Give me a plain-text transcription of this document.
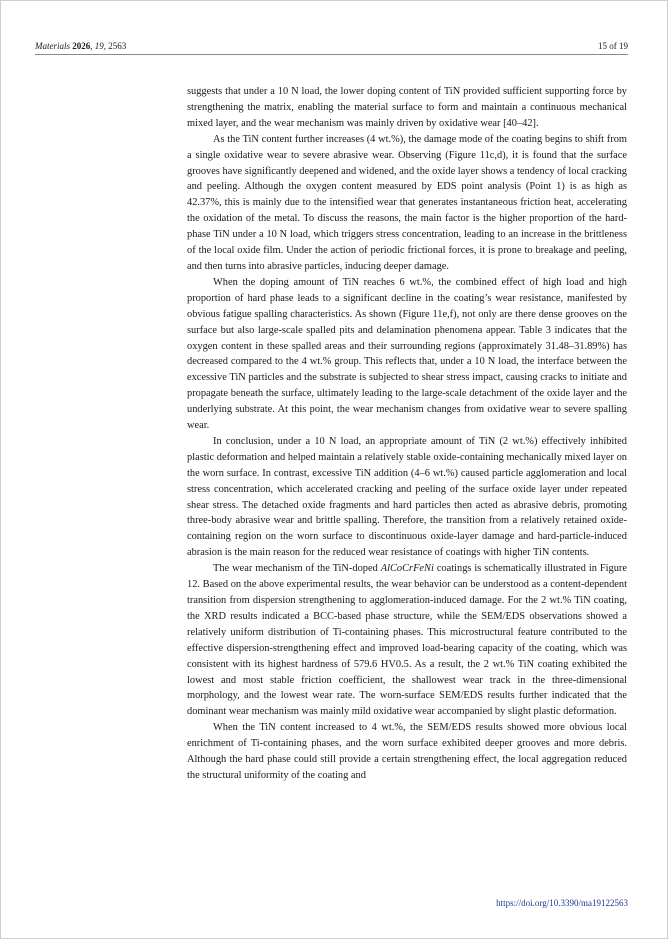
Materials 2026, 19, 2563	15 of 19

suggests that under a 10 N load, the lower doping content of TiN provided sufficient supporting force by strengthening the matrix, enabling the material surface to form and maintain a continuous mechanical mixed layer, and the wear mechanism was mainly driven by oxidative wear [40–42].

As the TiN content further increases (4 wt.%), the damage mode of the coating begins to shift from a single oxidative wear to severe abrasive wear. Observing (Figure 11c,d), it is found that the surface grooves have significantly deepened and widened, and the oxide layer shows a tendency of local cracking and peeling. Although the oxygen content measured by EDS point analysis (Point 1) is as high as 42.37%, this is mainly due to the intensified wear that generates instantaneous friction heat, accelerating the oxidation of the metal. To discuss the reasons, the main factor is the higher proportion of the hard-phase TiN under a 10 N load, which triggers stress concentration, leading to an increase in the brittleness of the local oxide film. Under the action of periodic frictional forces, it is prone to breakage and peeling, and then turns into abrasive particles, inducing deeper damage.

When the doping amount of TiN reaches 6 wt.%, the combined effect of high load and high proportion of hard phase leads to a significant decline in the coating’s wear resistance, manifested by obvious fatigue spalling characteristics. As shown (Figure 11e,f), not only are there dense grooves on the surface but also large-scale spalled pits and delamination phenomena appear. Table 3 indicates that the oxygen content in these spalled areas and their surrounding regions (approximately 31.48–31.89%) has decreased compared to the 4 wt.% group. This reflects that, under a 10 N load, the interface between the excessive TiN particles and the substrate is subjected to shear stress impact, causing cracks to initiate and propagate beneath the surface, ultimately leading to the large-scale detachment of the oxide layer and the underlying substrate. At this point, the wear mechanism changes from oxidative wear to severe spalling wear.

In conclusion, under a 10 N load, an appropriate amount of TiN (2 wt.%) effectively inhibited plastic deformation and helped maintain a relatively stable oxide-containing mechanically mixed layer on the worn surface. In contrast, excessive TiN addition (4–6 wt.%) caused particle agglomeration and local stress concentration, which accelerated cracking and peeling of the surface oxide layer under repeated shear stress. The detached oxide fragments and hard particles then acted as abrasive debris, promoting three-body abrasive wear and brittle spalling. Therefore, the transition from a relatively retained oxide-containing region on the worn surface to discontinuous oxide-layer damage and hard-particle-induced abrasion is the main reason for the reduced wear resistance of coatings with higher TiN contents.

The wear mechanism of the TiN-doped AlCoCrFeNi coatings is schematically illustrated in Figure 12. Based on the above experimental results, the wear behavior can be understood as a content-dependent transition from dispersion strengthening to agglomeration-induced damage. For the 2 wt.% TiN coating, the XRD results indicated a BCC-based phase structure, while the SEM/EDS observations showed a relatively uniform distribution of Ti-containing phases. This microstructural feature contributed to the effective dispersion-strengthening effect and improved load-bearing capacity of the coating, which was consistent with its highest hardness of 579.6 HV0.5. As a result, the 2 wt.% TiN coating exhibited the lowest and most stable friction coefficient, the shallowest wear track in the three-dimensional morphology, and the lowest wear rate. The worn-surface SEM/EDS results further indicated that the dominant wear mechanism was mainly mild oxidative wear accompanied by slight plastic deformation.

When the TiN content increased to 4 wt.%, the SEM/EDS results showed more obvious local enrichment of Ti-containing phases, and the worn surface exhibited deeper grooves and more debris. Although the hard phase could still provide a certain strengthening effect, the local aggregation reduced the structural uniformity of the coating and

https://doi.org/10.3390/ma19122563
